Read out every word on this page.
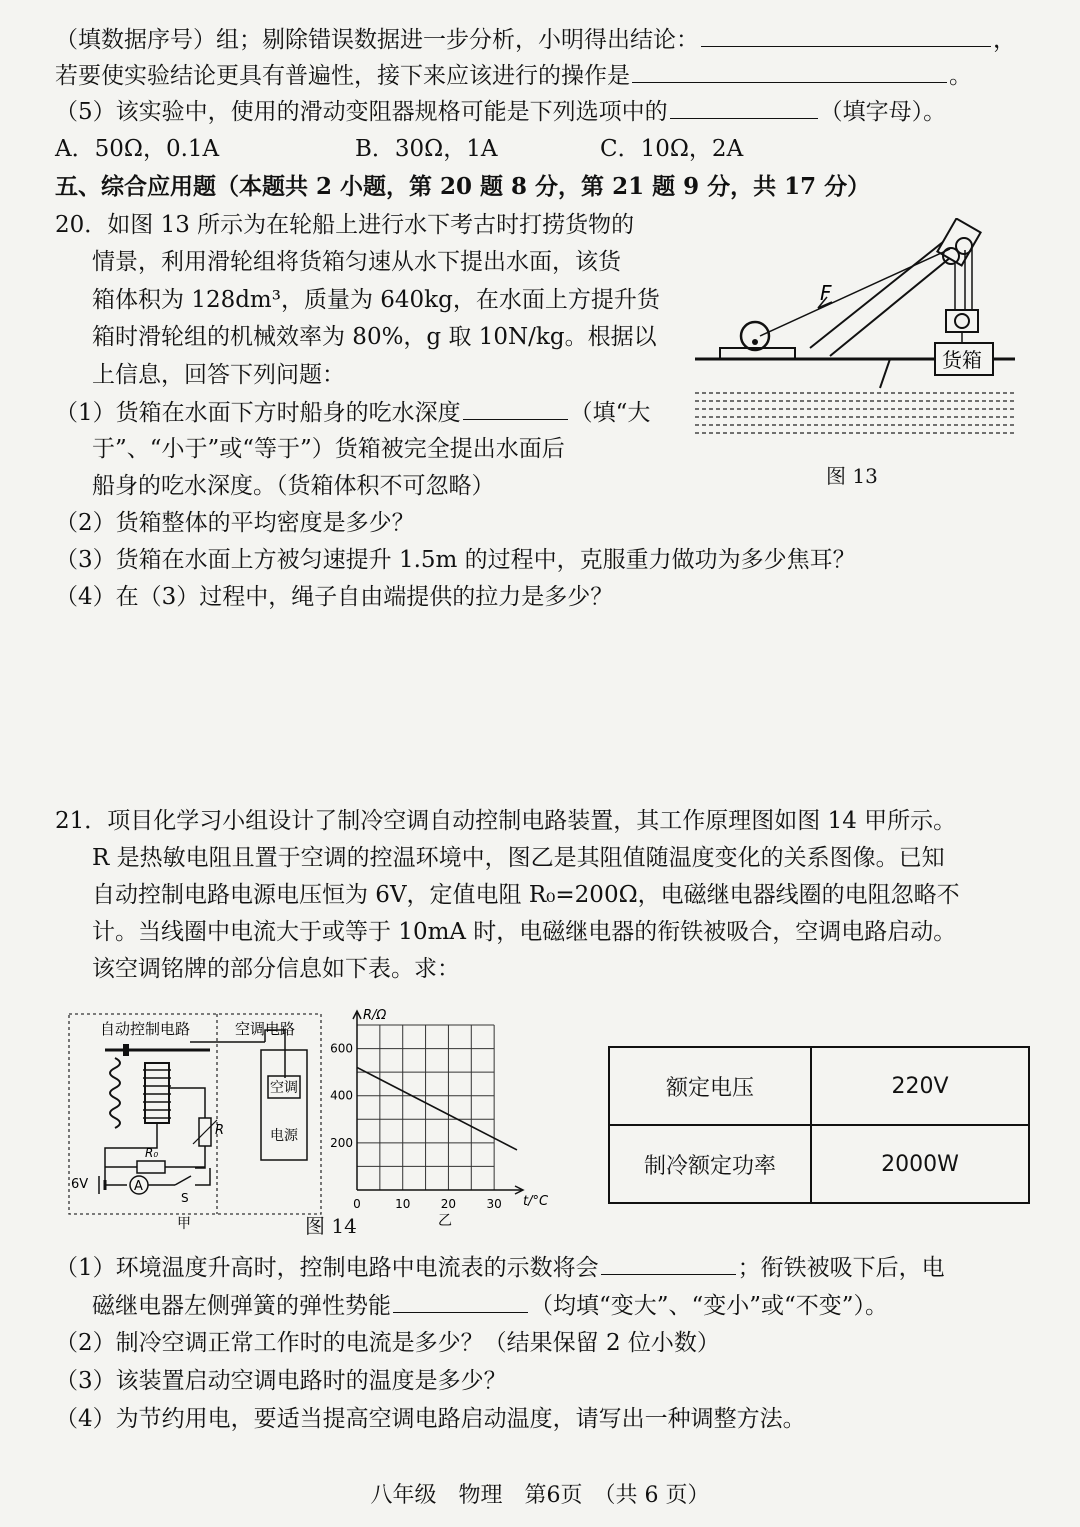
（填数据序号）组；剔除错误数据进一步分析，小明得出结论：	，
若要使实验结论更具有普遍性，接下来应该进行的操作是	。
（5）该实验中，使用的滑动变阻器规格可能是下列选项中的	（填字母）。
A．50Ω，0.1A	B．30Ω，1A	C．10Ω，2A
五、综合应用题（本题共 2 小题，第 20 题 8 分，第 21 题 9 分，共 17 分）
20．如图 13 所示为在轮船上进行水下考古时打捞货物的
情景，利用滑轮组将货箱匀速从水下提出水面，该货
箱体积为 128dm³，质量为 640kg，在水面上方提升货
箱时滑轮组的机械效率为 80%，g 取 10N/kg。根据以
上信息，回答下列问题：
（1）货箱在水面下方时船身的吃水深度	（填“大
于”、“小于”或“等于”）货箱被完全提出水面后
船身的吃水深度。（货箱体积不可忽略）
（2）货箱整体的平均密度是多少？
（3）货箱在水面上方被匀速提升 1.5m 的过程中，克服重力做功为多少焦耳？
（4）在（3）过程中，绳子自由端提供的拉力是多少？
F
货箱
图 13
21．项目化学习小组设计了制冷空调自动控制电路装置，其工作原理图如图 14 甲所示。
R 是热敏电阻且置于空调的控温环境中，图乙是其阻值随温度变化的关系图像。已知
自动控制电路电源电压恒为 6V，定值电阻 R₀=200Ω，电磁继电器线圈的电阻忽略不
计。当线圈中电流大于或等于 10mA 时，电磁继电器的衔铁被吸合，空调电路启动。
该空调铭牌的部分信息如下表。求：
自动控制电路	空调电路
R
R₀
6V	A
S
空调
电源
甲
0	10	20	30
200
400
600
R/Ω
t/°C
乙
图 14
额定电压	220V
制冷额定功率	2000W
（1）环境温度升高时，控制电路中电流表的示数将会	；衔铁被吸下后，电
磁继电器左侧弹簧的弹性势能	（均填“变大”、“变小”或“不变”）。
（2）制冷空调正常工作时的电流是多少？（结果保留 2 位小数）
（3）该装置启动空调电路时的温度是多少？
（4）为节约用电，要适当提高空调电路启动温度，请写出一种调整方法。
八年级　物理　第6页　（共 6 页）
